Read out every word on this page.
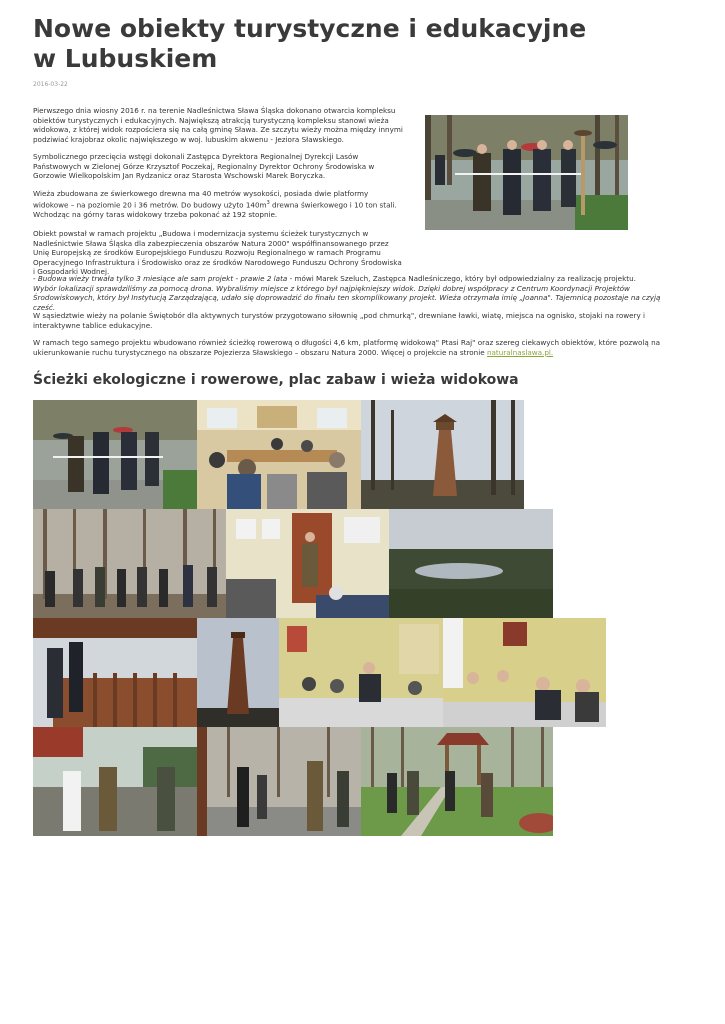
Nowe obiekty turystyczne i edukacyjne w Lubuskiem
2016-03-22

Pierwszego dnia wiosny 2016 r. na terenie Nadleśnictwa Sława Śląska dokonano otwarcia kompleksu obiektów turystycznych i edukacyjnych. Największą atrakcją turystyczną kompleksu stanowi wieża widokowa, z której widok rozpościera się na całą gminę Sława. Ze szczytu wieży można między innymi podziwiać krajobraz okolic największego w woj. lubuskim akwenu - Jeziora Sławskiego.

Symbolicznego przecięcia wstęgi dokonali Zastępca Dyrektora Regionalnej Dyrekcji Lasów Państwowych w Zielonej Górze Krzysztof Poczekaj, Regionalny Dyrektor Ochrony Środowiska w Gorzowie Wielkopolskim Jan Rydzanicz oraz Starosta Wschowski Marek Boryczka.

Wieża zbudowana ze świerkowego drewna ma 40 metrów wysokości, posiada dwie platformy widokowe – na poziomie 20 i 36 metrów. Do budowy użyto $140m^3$ drewna świerkowego i 10 ton stali. Wchodząc na górny taras widokowy trzeba pokonać aż 192 stopnie.

Obiekt powstał w ramach projektu „Budowa i modernizacja systemu ścieżek turystycznych w Nadleśnictwie Sława Śląska dla zabezpieczenia obszarów Natura 2000" współfinansowanego przez Unię Europejską ze środków Europejskiego Funduszu Rozwoju Regionalnego w ramach Programu Operacyjnego Infrastruktura i Środowisko oraz ze środków Narodowego Funduszu Ochrony Środowiska i Gospodarki Wodnej.

- Budowa wieży trwała tylko 3 miesiące ale sam projekt - prawie 2 lata - mówi Marek Szeluch, Zastępca Nadleśniczego, który był odpowiedzialny za realizację projektu. Wybór lokalizacji sprawdziliśmy za pomocą drona. Wybraliśmy miejsce z którego był najpiękniejszy widok. Dzięki dobrej współpracy z Centrum Koordynacji Projektów Środowiskowych, który był Instytucją Zarządzającą, udało się doprowadzić do finału ten skomplikowany projekt. Wieża otrzymała imię „Joanna". Tajemnicą pozostaje na czyją cześć.

W sąsiedztwie wieży na polanie Świętobór dla aktywnych turystów przygotowano siłownię „pod chmurką", drewniane ławki, wiatę, miejsca na ognisko, stojaki na rowery i interaktywne tablice edukacyjne.

W ramach tego samego projektu wbudowano również ścieżkę rowerową o długości 4,6 km, platformę widokową" Ptasi Raj" oraz szereg ciekawych obiektów, które pozwolą na ukierunkowanie ruchu turystycznego na obszarze Pojezierza Sławskiego – obszaru Natura 2000. Więcej o projekcie na stronie naturalnaslawa.pl.

Ścieżki ekologiczne i rowerowe, plac zabaw i wieża widokowa
